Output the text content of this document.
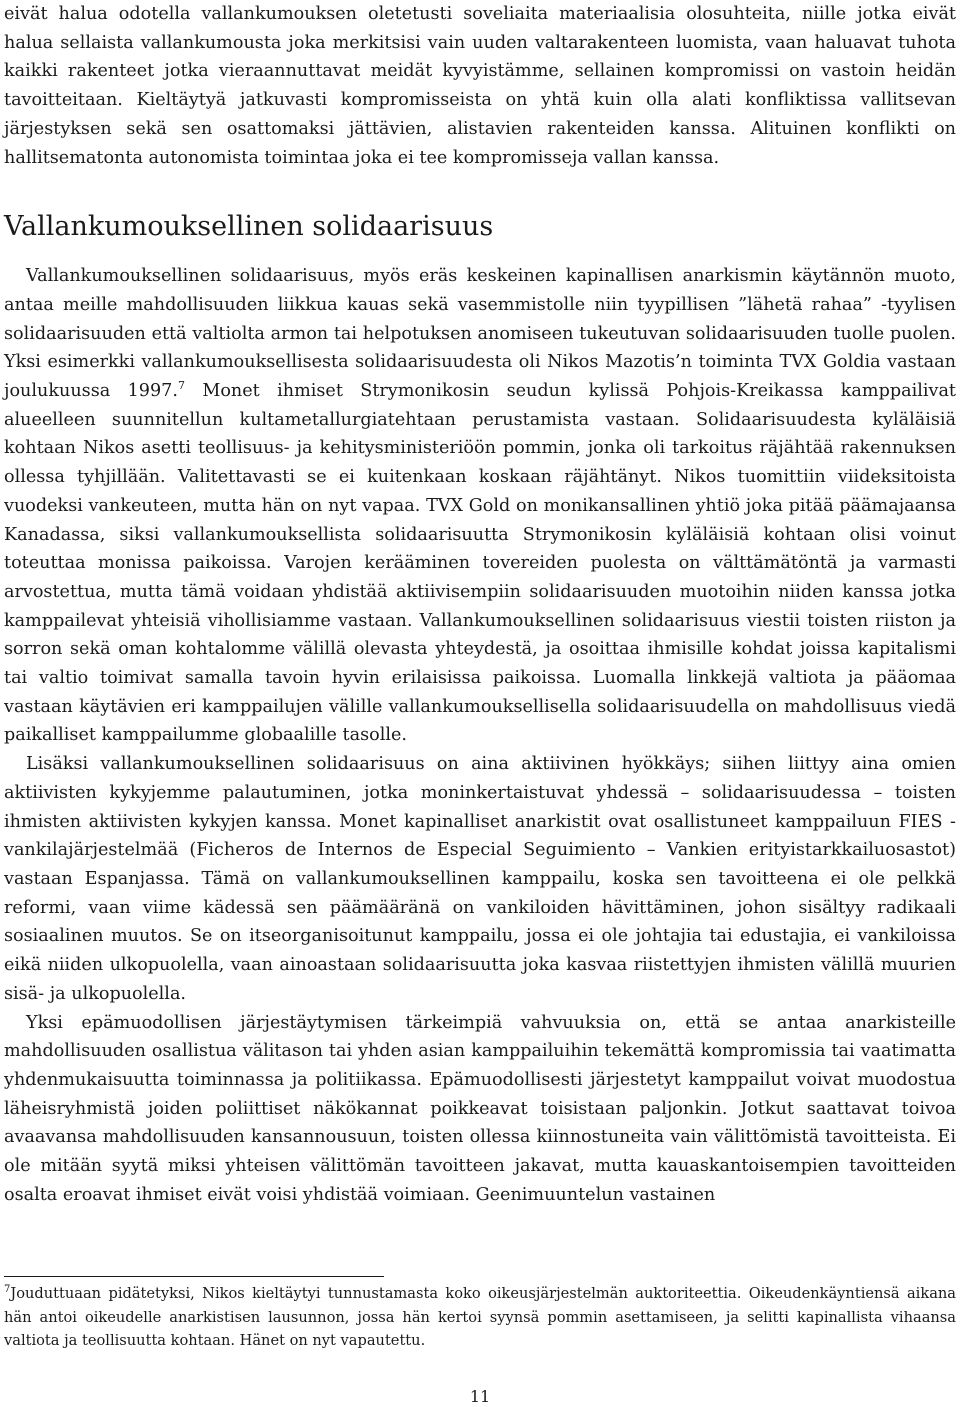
eivät halua odotella vallankumouksen oletetusti soveliaita materiaalisia olosuhteita, niille jotka eivät halua sellaista vallankumousta joka merkitsisi vain uuden valtarakenteen luomista, vaan haluavat tuhota kaikki rakenteet jotka vieraannuttavat meidät kyvyistämme, sellainen kompromissi on vastoin heidän tavoitteitaan. Kieltäytyä jatkuvasti kompromisseista on yhtä kuin olla alati konfliktissa vallitsevan järjestyksen sekä sen osattomaksi jättävien, alistavien rakenteiden kanssa. Alituinen konflikti on hallitsematonta autonomista toimintaa joka ei tee kompromisseja vallan kanssa.

Vallankumouksellinen solidaarisuus

Vallankumouksellinen solidaarisuus, myös eräs keskeinen kapinallisen anarkismin käytännön muoto, antaa meille mahdollisuuden liikkua kauas sekä vasemmistolle niin tyypillisen ”lähetä rahaa” -tyylisen solidaarisuuden että valtiolta armon tai helpotuksen anomiseen tukeutuvan solidaarisuuden tuolle puolen. Yksi esimerkki vallankumouksellisesta solidaarisuudesta oli Nikos Mazotis’n toiminta TVX Goldia vastaan joulukuussa 1997.$^7$ Monet ihmiset Strymonikosin seudun kylissä Pohjois-Kreikassa kamppailivat alueelleen suunnitellun kultametallurgiatehtaan perustamista vastaan. Solidaarisuudesta kyläläisiä kohtaan Nikos asetti teollisuus- ja kehitysministeriöön pommin, jonka oli tarkoitus räjähtää rakennuksen ollessa tyhjillään. Valitettavasti se ei kuitenkaan koskaan räjähtänyt. Nikos tuomittiin viideksitoista vuodeksi vankeuteen, mutta hän on nyt vapaa. TVX Gold on monikansallinen yhtiö joka pitää päämajaansa Kanadassa, siksi vallankumouksellista solidaarisuutta Strymonikosin kyläläisiä kohtaan olisi voinut toteuttaa monissa paikoissa. Varojen kerääminen tovereiden puolesta on välttämätöntä ja varmasti arvostettua, mutta tämä voidaan yhdistää aktiivisempiin solidaarisuuden muotoihin niiden kanssa jotka kamppailevat yhteisiä vihollisiamme vastaan. Vallankumouksellinen solidaarisuus viestii toisten riiston ja sorron sekä oman kohtalomme välillä olevasta yhteydestä, ja osoittaa ihmisille kohdat joissa kapitalismi tai valtio toimivat samalla tavoin hyvin erilaisissa paikoissa. Luomalla linkkejä valtiota ja pääomaa vastaan käytävien eri kamppailujen välille vallankumouksellisella solidaarisuudella on mahdollisuus viedä paikalliset kamppailumme globaalille tasolle.

Lisäksi vallankumouksellinen solidaarisuus on aina aktiivinen hyökkäys; siihen liittyy aina omien aktiivisten kykyjemme palautuminen, jotka moninkertaistuvat yhdessä – solidaarisuudessa – toisten ihmisten aktiivisten kykyjen kanssa. Monet kapinalliset anarkistit ovat osallistuneet kamppailuun FIES -vankilajärjestelmää (Ficheros de Internos de Especial Seguimiento – Vankien erityistarkkailuosastot) vastaan Espanjassa. Tämä on vallankumouksellinen kamppailu, koska sen tavoitteena ei ole pelkkä reformi, vaan viime kädessä sen päämääränä on vankiloiden hävittäminen, johon sisältyy radikaali sosiaalinen muutos. Se on itseorganisoitunut kamppailu, jossa ei ole johtajia tai edustajia, ei vankiloissa eikä niiden ulkopuolella, vaan ainoastaan solidaarisuutta joka kasvaa riistettyjen ihmisten välillä muurien sisä- ja ulkopuolella.

Yksi epämuodollisen järjestäytymisen tärkeimpiä vahvuuksia on, että se antaa anarkisteille mahdollisuuden osallistua välitason tai yhden asian kamppailuihin tekemättä kompromissia tai vaatimatta yhdenmukaisuutta toiminnassa ja politiikassa. Epämuodollisesti järjestetyt kamppailut voivat muodostua läheisryhmistä joiden poliittiset näkökannat poikkeavat toisistaan paljonkin. Jotkut saattavat toivoa avaavansa mahdollisuuden kansannousuun, toisten ollessa kiinnostuneita vain välittömistä tavoitteista. Ei ole mitään syytä miksi yhteisen välittömän tavoitteen jakavat, mutta kauaskantoisempien tavoitteiden osalta eroavat ihmiset eivät voisi yhdistää voimiaan. Geenimuuntelun vastainen

$^7$Jouduttuaan pidätetyksi, Nikos kieltäytyi tunnustamasta koko oikeusjärjestelmän auktoriteettia. Oikeudenkäyntiensä aikana hän antoi oikeudelle anarkistisen lausunnon, jossa hän kertoi syynsä pommin asettamiseen, ja selitti kapinallista vihaansa valtiota ja teollisuutta kohtaan. Hänet on nyt vapautettu.

11
